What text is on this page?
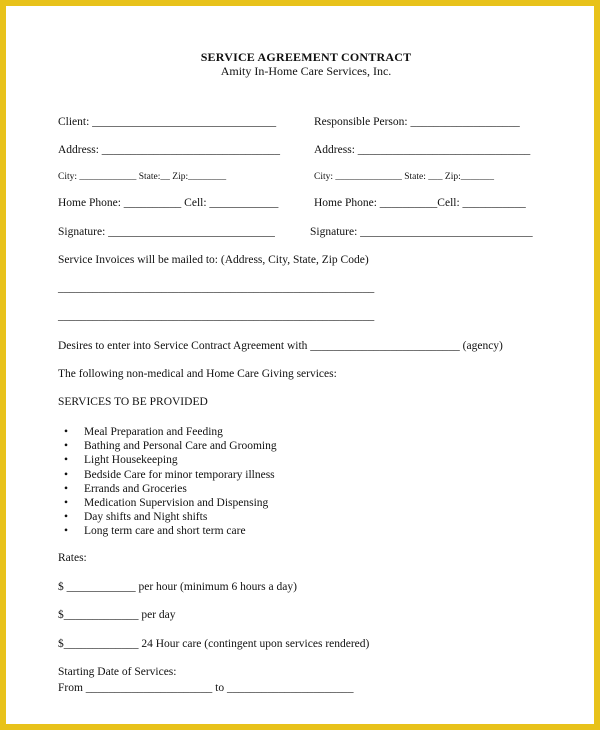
SERVICE AGREEMENT CONTRACT
Amity In-Home Care Services, Inc.
Client: ________________________________	Responsible Person: ___________________
Address: _______________________________	Address: ______________________________
City: ____________ State:__ Zip:________	City: ______________ State: ___ Zip:_______
Home Phone: __________ Cell: ____________	Home Phone: __________Cell: ___________
Signature: _____________________________	Signature: ______________________________
Service Invoices will be mailed to: (Address, City, State, Zip Code)
_______________________________________________________
_______________________________________________________
Desires to enter into Service Contract Agreement with __________________________ (agency)
The following non-medical and Home Care Giving services:
SERVICES TO BE PROVIDED
• Meal Preparation and Feeding
• Bathing and Personal Care and Grooming
• Light Housekeeping
• Bedside Care for minor temporary illness
• Errands and Groceries
• Medication Supervision and Dispensing
• Day shifts and Night shifts
• Long term care and short term care
Rates:
$ ____________ per hour (minimum 6 hours a day)
$_____________ per day
$_____________ 24 Hour care (contingent upon services rendered)
Starting Date of Services:
From ______________________ to ______________________
